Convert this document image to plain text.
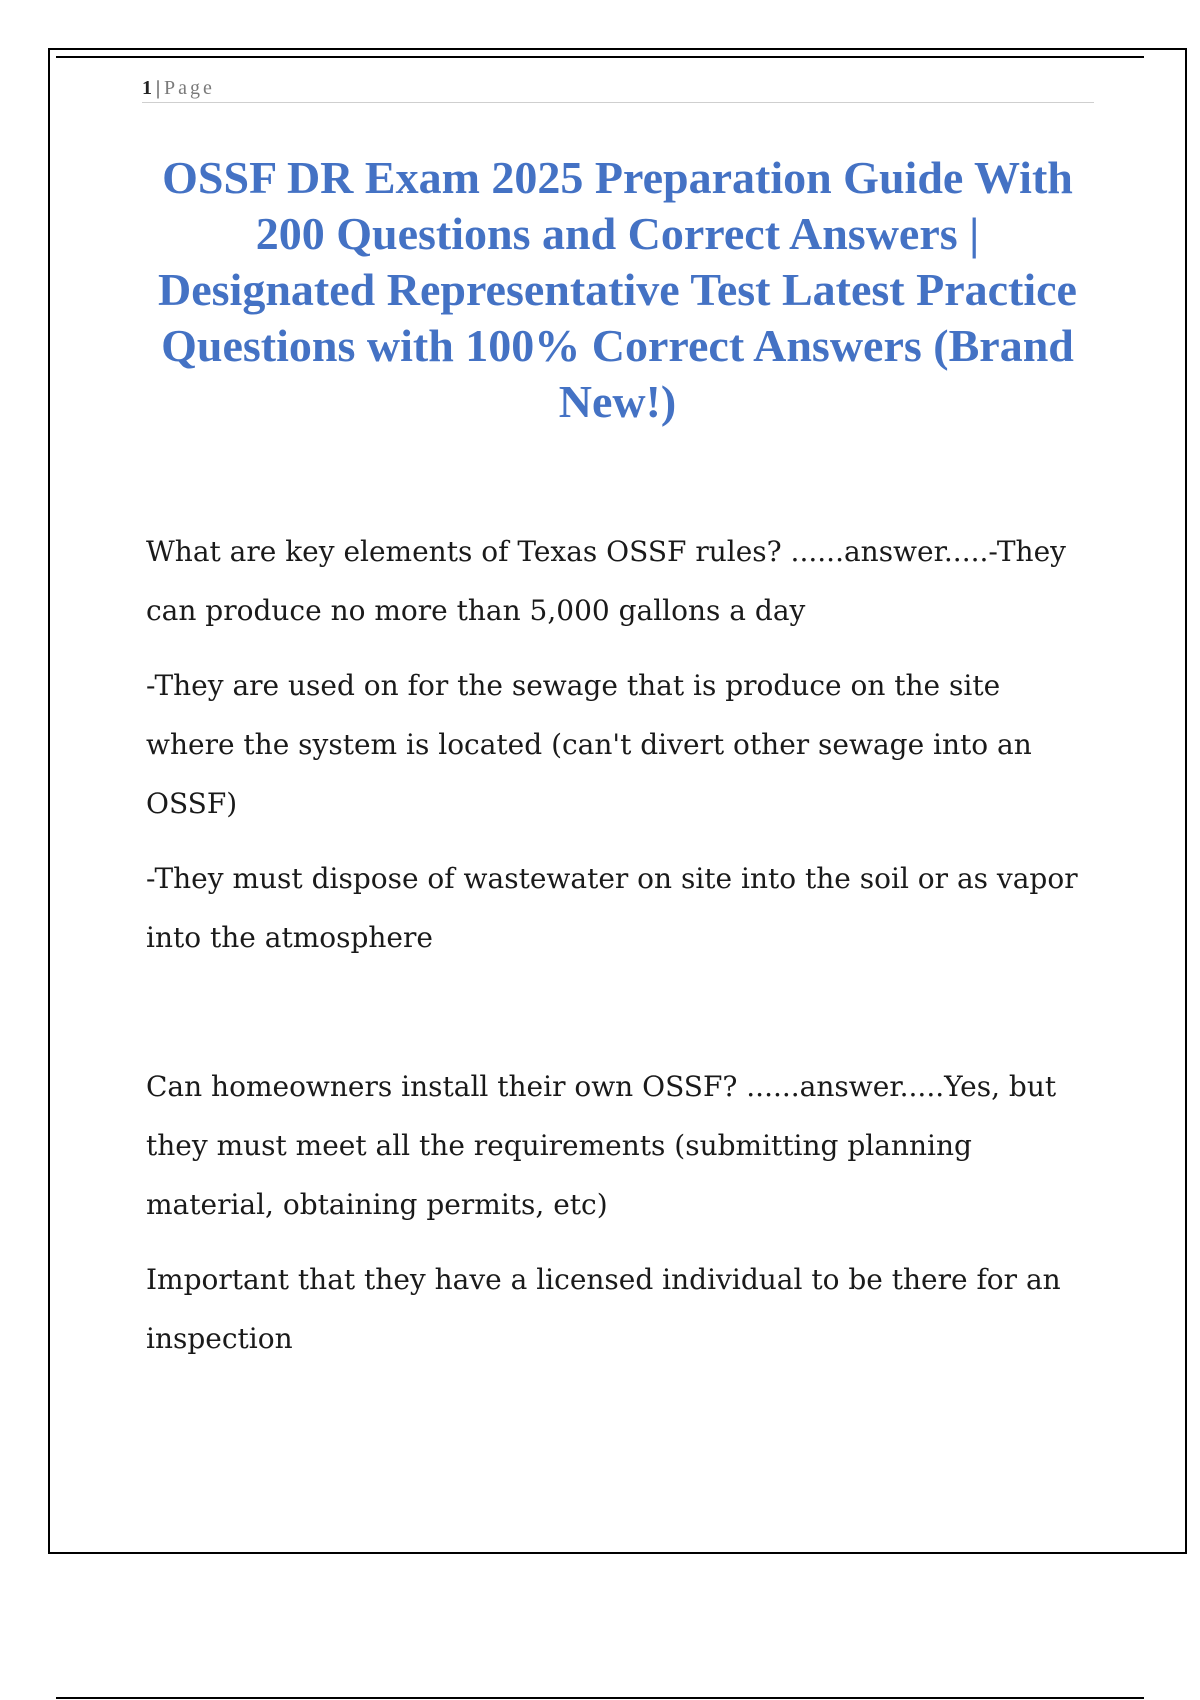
1 | Page
OSSF DR Exam 2025 Preparation Guide With 200 Questions and Correct Answers | Designated Representative Test Latest Practice Questions with 100% Correct Answers (Brand New!)

What are key elements of Texas OSSF rules? ......answer.....-They can produce no more than 5,000 gallons a day

-They are used on for the sewage that is produce on the site where the system is located (can't divert other sewage into an OSSF)

-They must dispose of wastewater on site into the soil or as vapor into the atmosphere

Can homeowners install their own OSSF? ......answer.....Yes, but they must meet all the requirements (submitting planning material, obtaining permits, etc)

Important that they have a licensed individual to be there for an inspection
